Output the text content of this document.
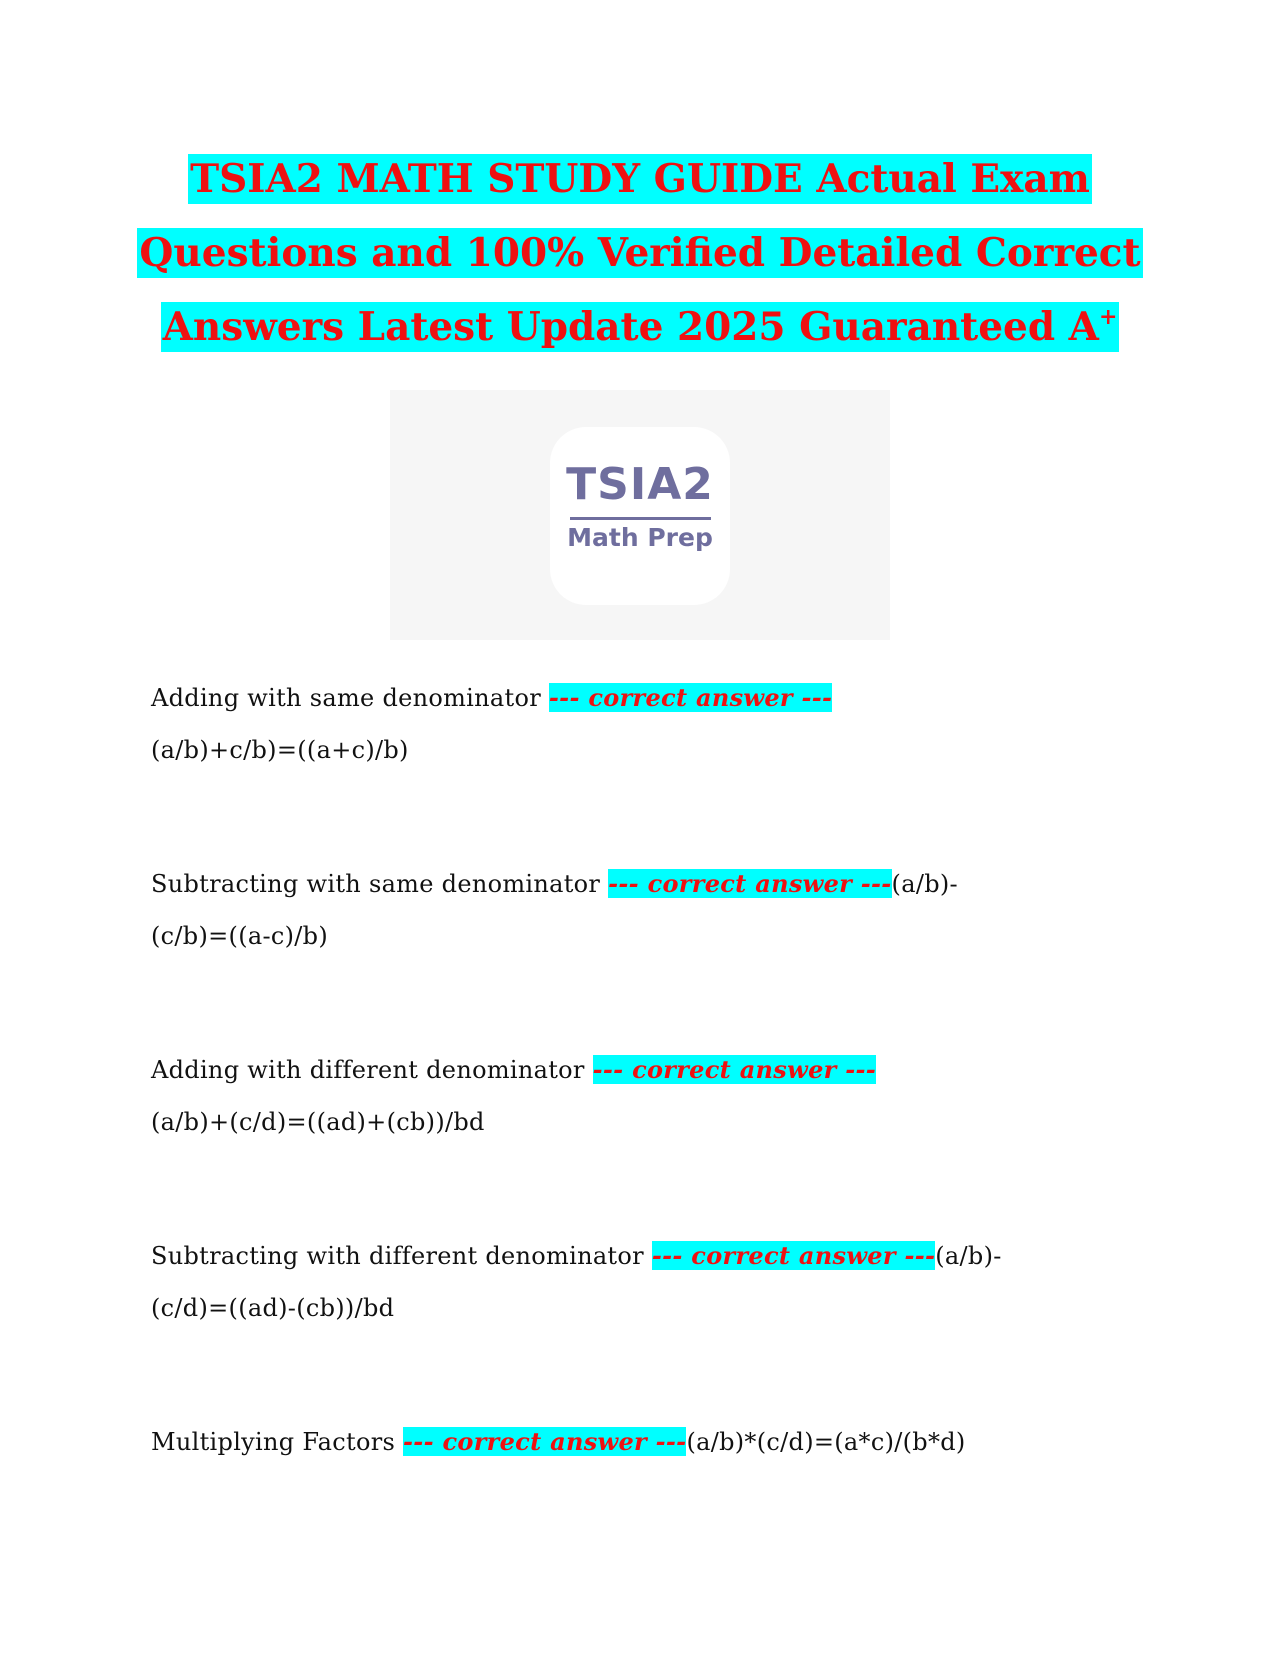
TSIA2 MATH STUDY GUIDE Actual Exam
Questions and 100% Verified Detailed Correct
Answers Latest Update 2025 Guaranteed A+
TSIA2
Math Prep
Adding with same denominator --- correct answer ---
(a/b)+c/b)=((a+c)/b)
Subtracting with same denominator --- correct answer ---(a/b)-
(c/b)=((a-c)/b)
Adding with different denominator --- correct answer ---
(a/b)+(c/d)=((ad)+(cb))/bd
Subtracting with different denominator --- correct answer ---(a/b)-
(c/d)=((ad)-(cb))/bd
Multiplying Factors --- correct answer ---(a/b)*(c/d)=(a*c)/(b*d)
